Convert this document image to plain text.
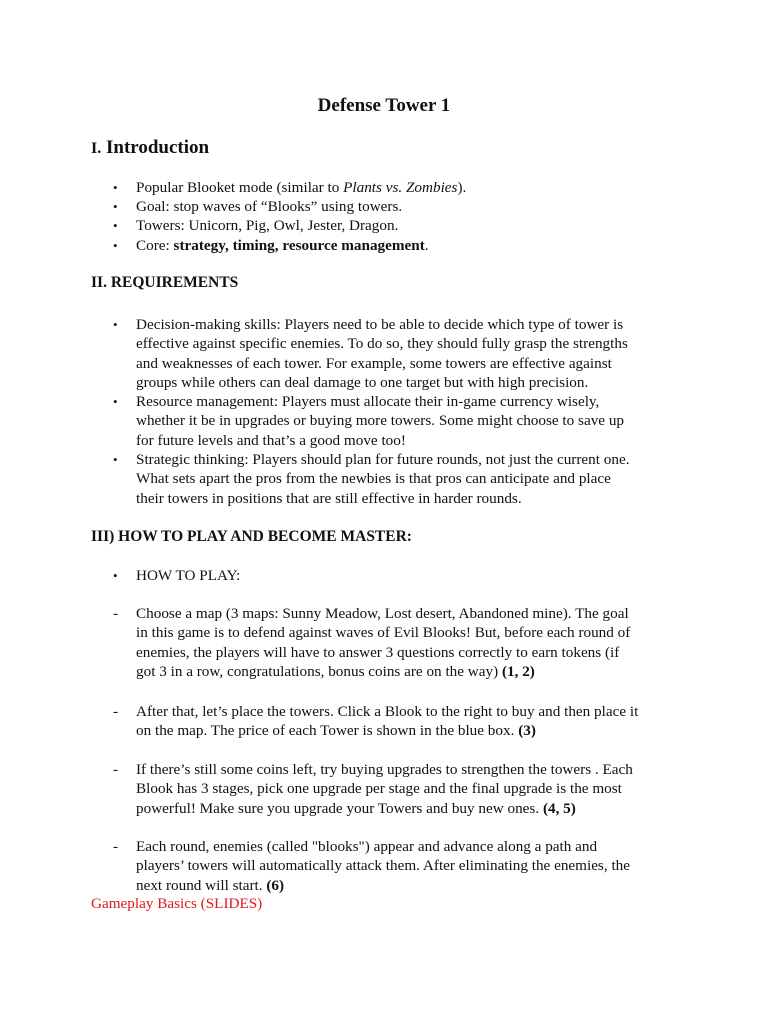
Defense Tower 1
I. Introduction
• Popular Blooket mode (similar to Plants vs. Zombies).
• Goal: stop waves of “Blooks” using towers.
• Towers: Unicorn, Pig, Owl, Jester, Dragon.
• Core: strategy, timing, resource management.
II. REQUIREMENTS
• Decision-making skills: Players need to be able to decide which type of tower is
effective against specific enemies. To do so, they should fully grasp the strengths
and weaknesses of each tower. For example, some towers are effective against
groups while others can deal damage to one target but with high precision.
• Resource management: Players must allocate their in-game currency wisely,
whether it be in upgrades or buying more towers. Some might choose to save up
for future levels and that’s a good move too!
• Strategic thinking: Players should plan for future rounds, not just the current one.
What sets apart the pros from the newbies is that pros can anticipate and place
their towers in positions that are still effective in harder rounds.
III) HOW TO PLAY AND BECOME MASTER:
• HOW TO PLAY:
- Choose a map (3 maps: Sunny Meadow, Lost desert, Abandoned mine). The goal
in this game is to defend against waves of Evil Blooks! But, before each round of
enemies, the players will have to answer 3 questions correctly to earn tokens (if
got 3 in a row, congratulations, bonus coins are on the way) (1, 2)
- After that, let’s place the towers. Click a Blook to the right to buy and then place it
on the map. The price of each Tower is shown in the blue box. (3)
- If there’s still some coins left, try buying upgrades to strengthen the towers . Each
Blook has 3 stages, pick one upgrade per stage and the final upgrade is the most
powerful! Make sure you upgrade your Towers and buy new ones. (4, 5)
- Each round, enemies (called "blooks") appear and advance along a path and
players’ towers will automatically attack them. After eliminating the enemies, the
next round will start. (6)
Gameplay Basics (SLIDES)
